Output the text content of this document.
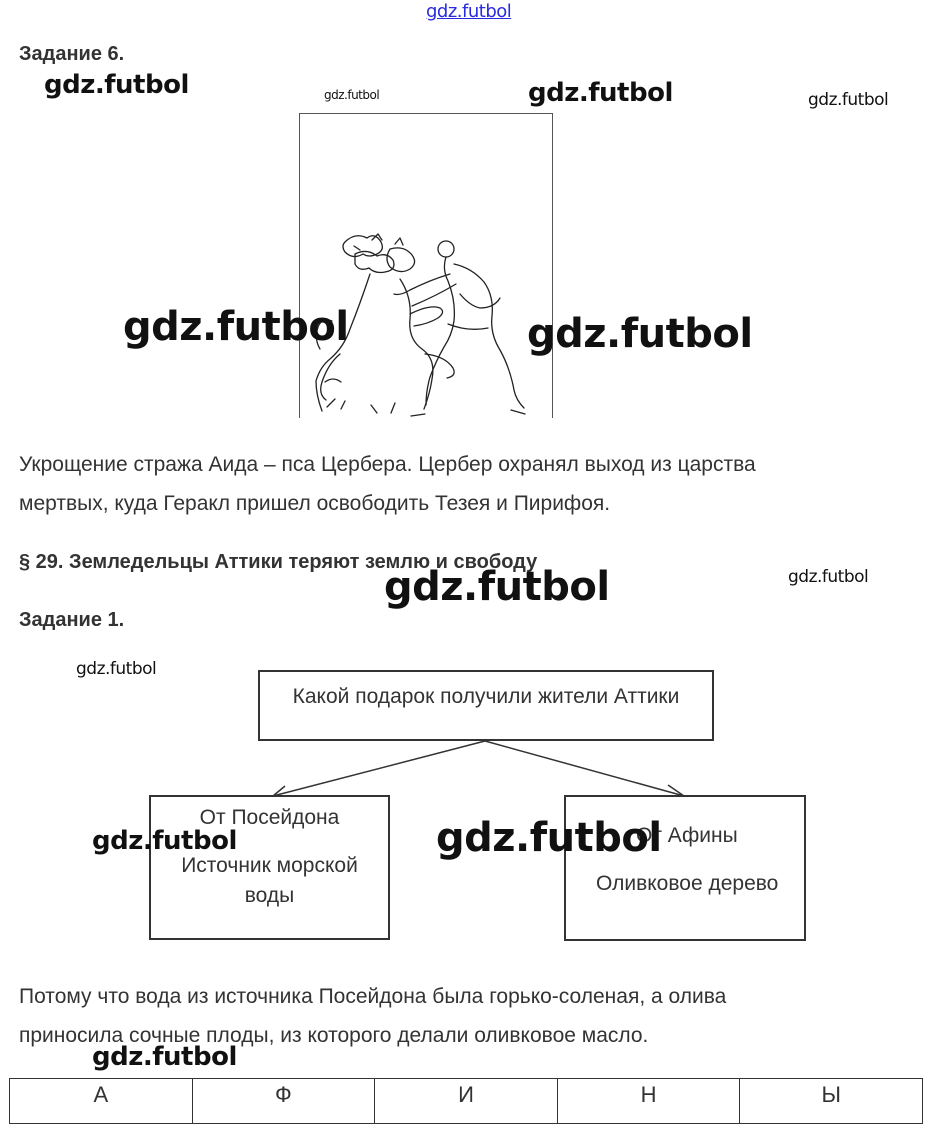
gdz.futbol
Задание 6.
gdz.futbol	gdz.futbol	gdz.futbol	gdz.futbol
gdz.futbol	gdz.futbol
Укрощение стража Аида – пса Цербера. Цербер охранял выход из царства
мертвых, куда Геракл пришел освободить Тезея и Пирифоя.
§ 29. Земледельцы Аттики теряют землю и свободу
gdz.futbol	gdz.futbol
Задание 1.
gdz.futbol
Какой подарок получили жители Аттики
От Посейдона
Источник морской
воды
От Афины
Оливковое дерево
gdz.futbol	gdz.futbol
Потому что вода из источника Посейдона была горько-соленая, а олива
приносила сочные плоды, из которого делали оливковое масло.
gdz.futbol
А	Ф	И	Н	Ы
